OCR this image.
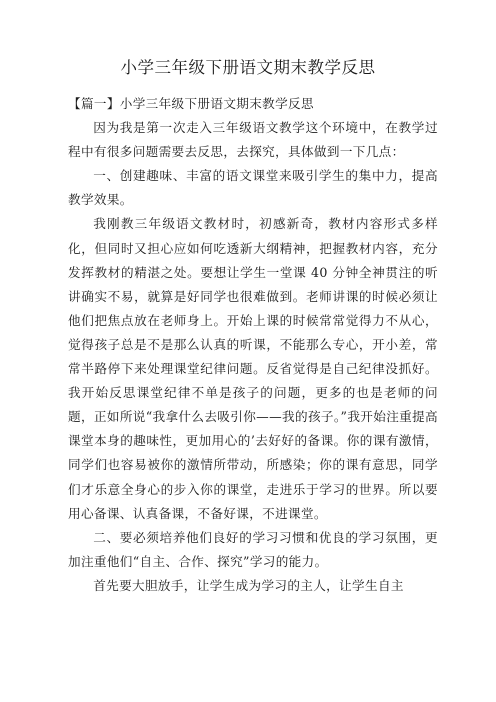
小学三年级下册语文期末教学反思

【篇一】小学三年级下册语文期末教学反思

因为我是第一次走入三年级语文教学这个环境中，在教学过程中有很多问题需要去反思，去探究，具体做到一下几点：

一、创建趣味、丰富的语文课堂来吸引学生的集中力，提高教学效果。

我刚教三年级语文教材时，初感新奇，教材内容形式多样化，但同时又担心应如何吃透新大纲精神，把握教材内容，充分发挥教材的精湛之处。要想让学生一堂课 40 分钟全神贯注的听讲确实不易，就算是好同学也很难做到。老师讲课的时候必须让他们把焦点放在老师身上。开始上课的时候常常觉得力不从心，觉得孩子总是不是那么认真的听课，不能那么专心，开小差，常常半路停下来处理课堂纪律问题。反省觉得是自己纪律没抓好。我开始反思课堂纪律不单是孩子的问题，更多的也是老师的问题，正如所说“我拿什么去吸引你——我的孩子。”我开始注重提高课堂本身的趣味性，更加用心的’去好好的备课。你的课有激情，同学们也容易被你的激情所带动，所感染；你的课有意思，同学们才乐意全身心的步入你的课堂，走进乐于学习的世界。所以要用心备课、认真备课，不备好课，不进课堂。

二、要必须培养他们良好的学习习惯和优良的学习氛围，更加注重他们“自主、合作、探究”学习的能力。

首先要大胆放手，让学生成为学习的主人，让学生自主
